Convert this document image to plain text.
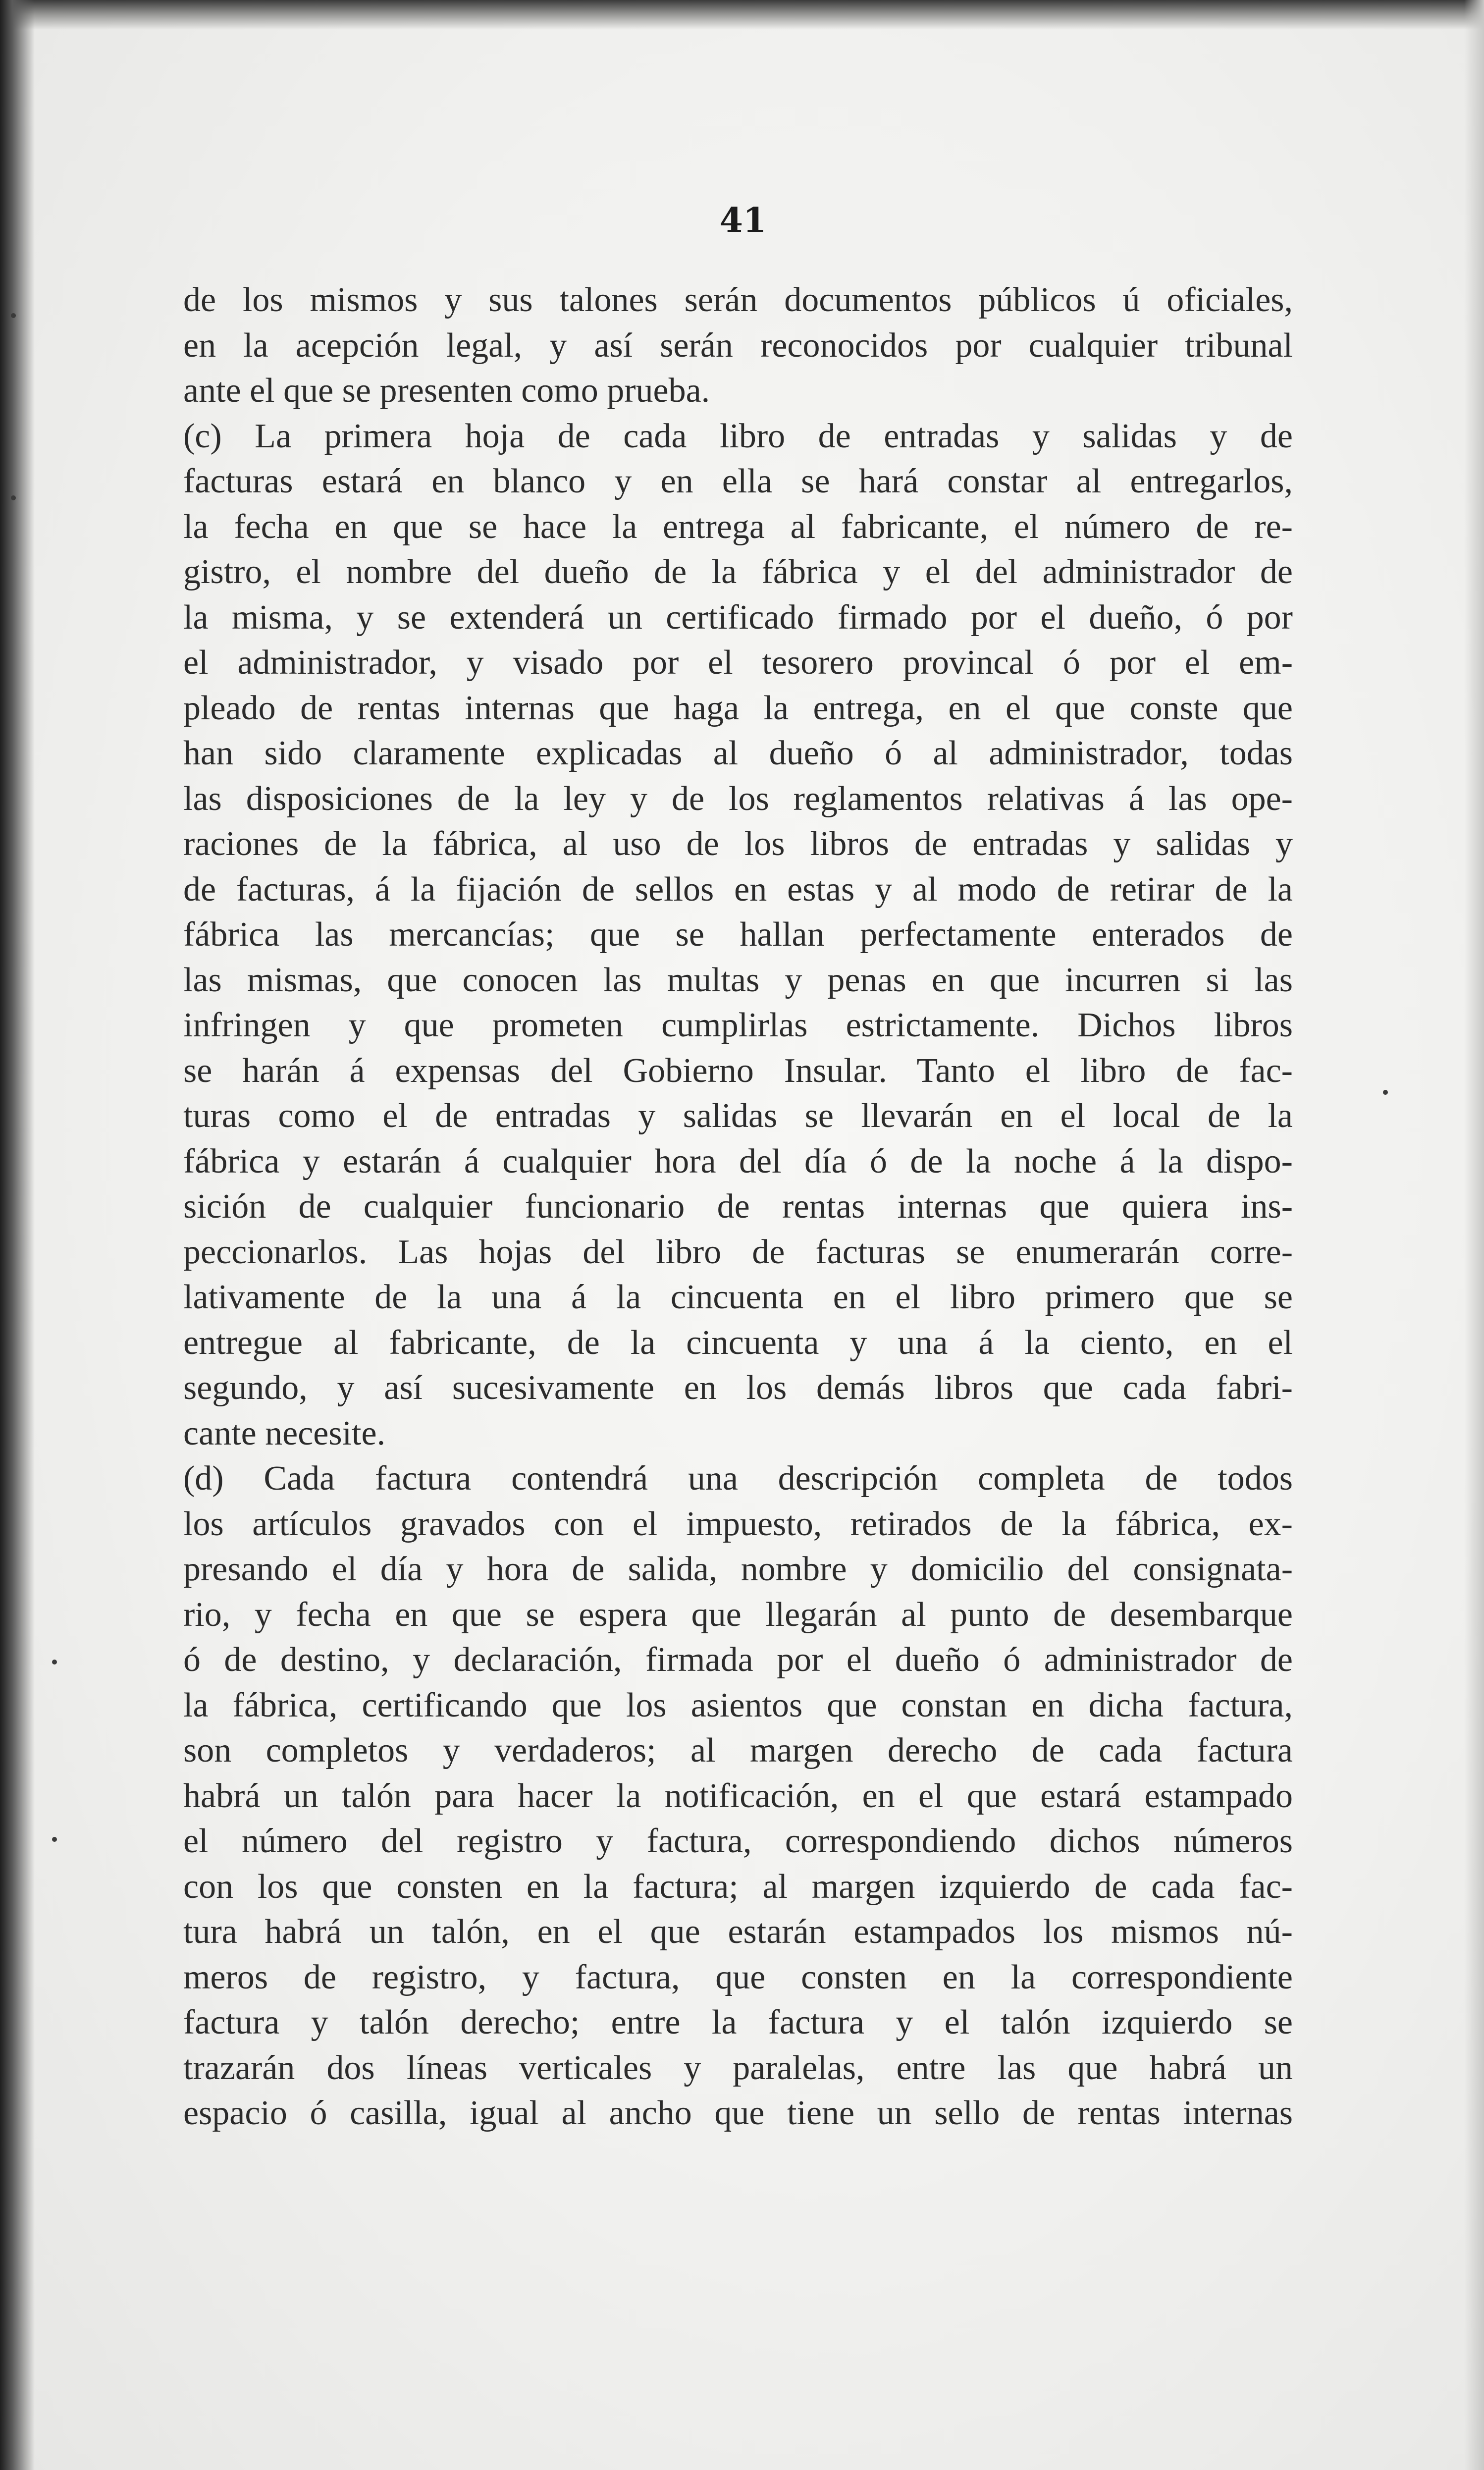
41
de los mismos y sus talones serán documentos públicos ú oficiales,
en la acepción legal, y así serán reconocidos por cualquier tribunal
ante el que se presenten como prueba.
(c) La primera hoja de cada libro de entradas y salidas y de
facturas estará en blanco y en ella se hará constar al entregarlos,
la fecha en que se hace la entrega al fabricante, el número de re-
gistro, el nombre del dueño de la fábrica y el del administrador de
la misma, y se extenderá un certificado firmado por el dueño, ó por
el administrador, y visado por el tesorero provincal ó por el em-
pleado de rentas internas que haga la entrega, en el que conste que
han sido claramente explicadas al dueño ó al administrador, todas
las disposiciones de la ley y de los reglamentos relativas á las ope-
raciones de la fábrica, al uso de los libros de entradas y salidas y
de facturas, á la fijación de sellos en estas y al modo de retirar de la
fábrica las mercancías; que se hallan perfectamente enterados de
las mismas, que conocen las multas y penas en que incurren si las
infringen y que prometen cumplirlas estrictamente. Dichos libros
se harán á expensas del Gobierno Insular. Tanto el libro de fac-
turas como el de entradas y salidas se llevarán en el local de la
fábrica y estarán á cualquier hora del día ó de la noche á la dispo-
sición de cualquier funcionario de rentas internas que quiera ins-
peccionarlos. Las hojas del libro de facturas se enumerarán corre-
lativamente de la una á la cincuenta en el libro primero que se
entregue al fabricante, de la cincuenta y una á la ciento, en el
segundo, y así sucesivamente en los demás libros que cada fabri-
cante necesite.
(d) Cada factura contendrá una descripción completa de todos
los artículos gravados con el impuesto, retirados de la fábrica, ex-
presando el día y hora de salida, nombre y domicilio del consignata-
rio, y fecha en que se espera que llegarán al punto de desembarque
ó de destino, y declaración, firmada por el dueño ó administrador de
la fábrica, certificando que los asientos que constan en dicha factura,
son completos y verdaderos; al margen derecho de cada factura
habrá un talón para hacer la notificación, en el que estará estampado
el número del registro y factura, correspondiendo dichos números
con los que consten en la factura; al margen izquierdo de cada fac-
tura habrá un talón, en el que estarán estampados los mismos nú-
meros de registro, y factura, que consten en la correspondiente
factura y talón derecho; entre la factura y el talón izquierdo se
trazarán dos líneas verticales y paralelas, entre las que habrá un
espacio ó casilla, igual al ancho que tiene un sello de rentas internas
